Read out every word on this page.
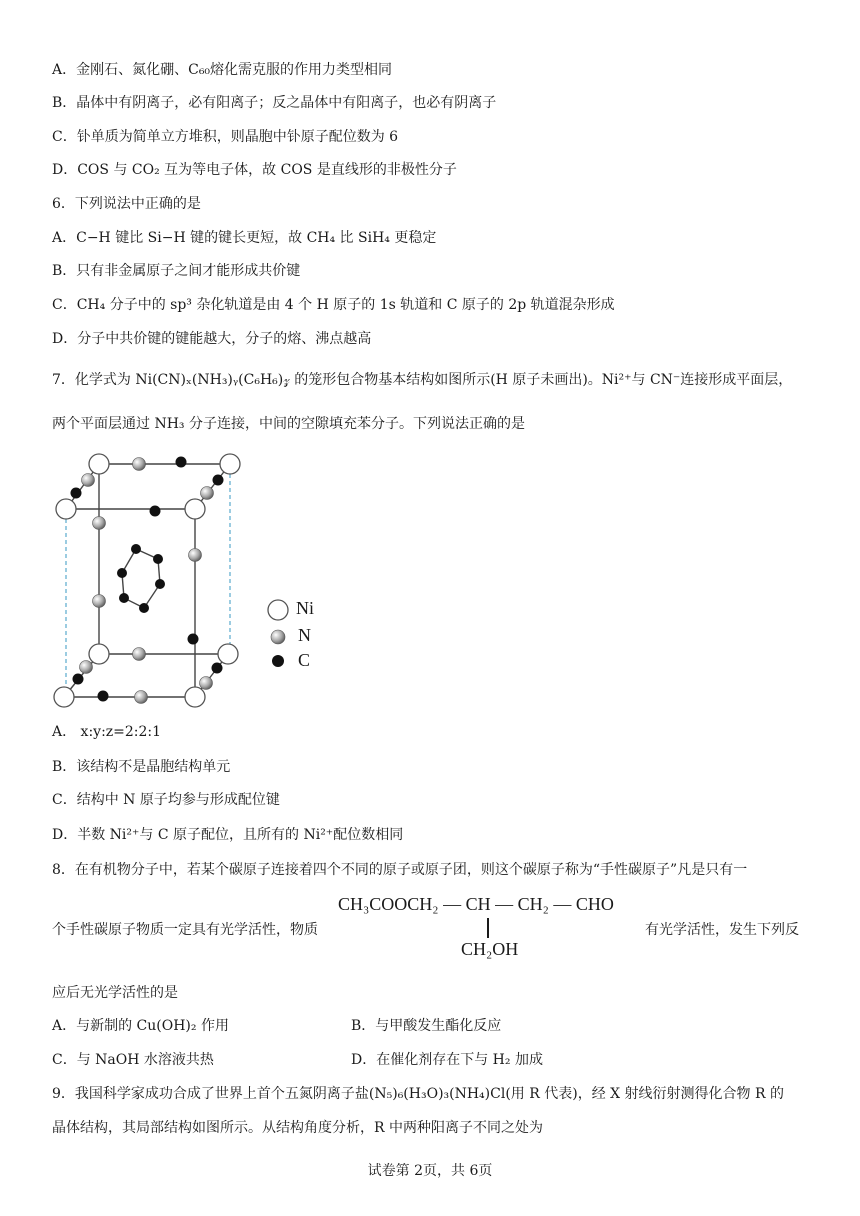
A．金刚石、氮化硼、C₆₀熔化需克服的作用力类型相同
B．晶体中有阴离子，必有阳离子；反之晶体中有阳离子，也必有阴离子
C．钋单质为简单立方堆积，则晶胞中钋原子配位数为 6
D．COS 与 CO₂ 互为等电子体，故 COS 是直线形的非极性分子
6．下列说法中正确的是
A．C−H 键比 Si−H 键的键长更短，故 CH₄ 比 SiH₄ 更稳定
B．只有非金属原子之间才能形成共价键
C．CH₄ 分子中的 sp³ 杂化轨道是由 4 个 H 原子的 1s 轨道和 C 原子的 2p 轨道混杂形成
D．分子中共价键的键能越大，分子的熔、沸点越高
7．化学式为 Ni(CN)ₓ(NH₃)ᵧ(C₆H₆)𝓏 的笼形包合物基本结构如图所示(H 原子未画出)。Ni²⁺与 CN⁻连接形成平面层，
两个平面层通过 NH₃ 分子连接，中间的空隙填充苯分子。下列说法正确的是
Ni
N
C
A． x:y:z=2:2:1
B．该结构不是晶胞结构单元
C．结构中 N 原子均参与形成配位键
D．半数 Ni²⁺与 C 原子配位，且所有的 Ni²⁺配位数相同
8．在有机物分子中，若某个碳原子连接着四个不同的原子或原子团，则这个碳原子称为“手性碳原子”凡是只有一
个手性碳原子物质一定具有光学活性，物质
CH₃COOCH₂ — CH — CH₂ — CHO
CH₂OH
有光学活性，发生下列反
应后无光学活性的是
A．与新制的 Cu(OH)₂ 作用	B．与甲酸发生酯化反应
C．与 NaOH 水溶液共热	D．在催化剂存在下与 H₂ 加成
9．我国科学家成功合成了世界上首个五氮阴离子盐(N₅)₆(H₃O)₃(NH₄)Cl(用 R 代表)，经 X 射线衍射测得化合物 R 的
晶体结构，其局部结构如图所示。从结构角度分析，R 中两种阳离子不同之处为
试卷第 2页，共 6页
